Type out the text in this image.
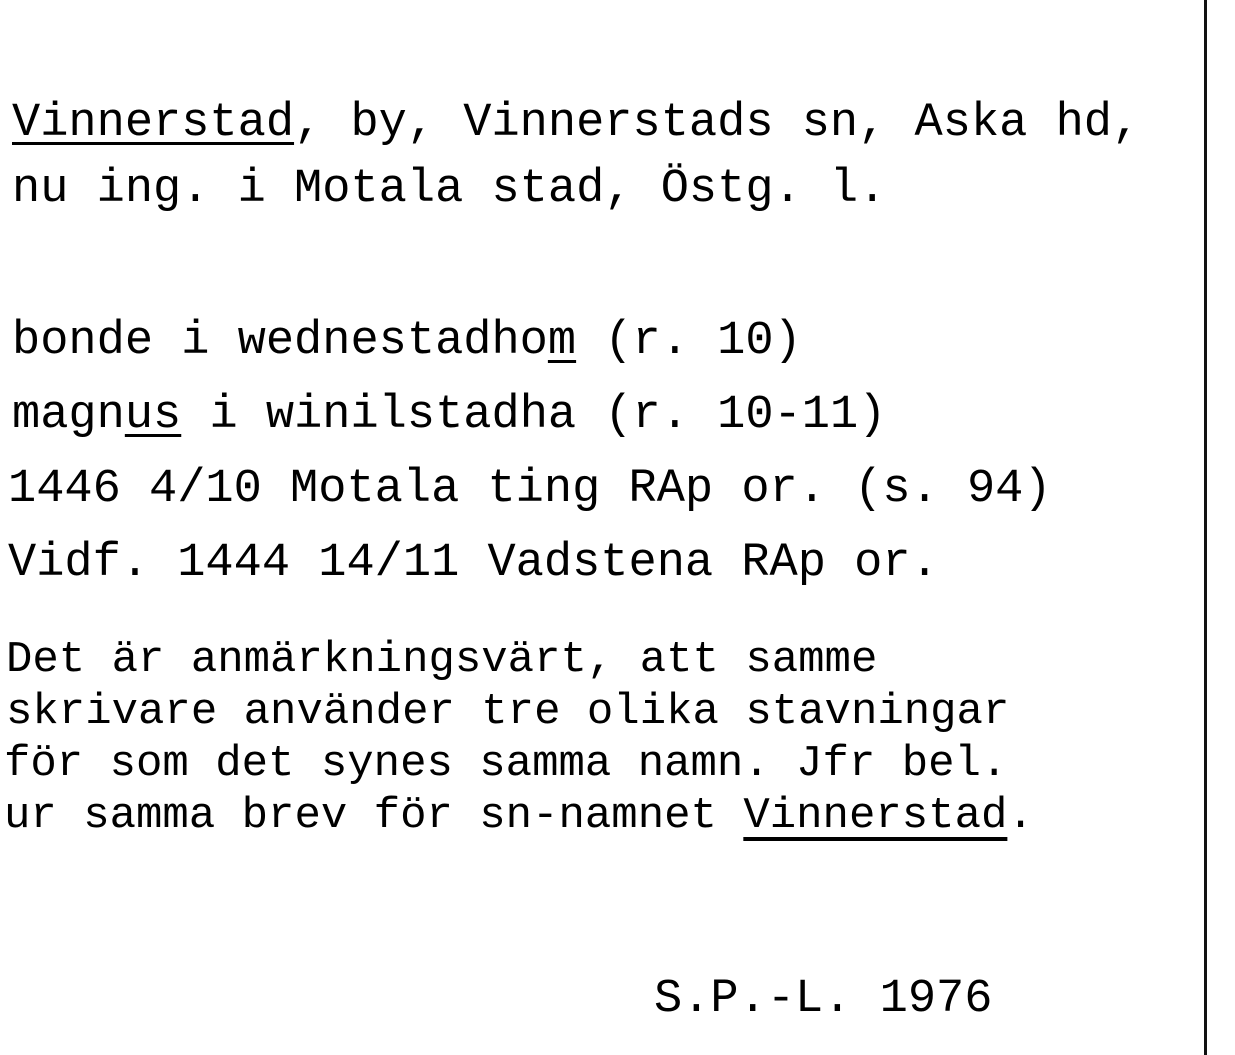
Vinnerstad, by, Vinnerstads sn, Aska hd,
nu ing. i Motala stad, Östg. l.
bonde i wednestadhom (r. 10)
magnus i winilstadha (r. 10-11)
1446 4/10 Motala ting RAp or. (s. 94)
Vidf. 1444 14/11 Vadstena RAp or.
Det är anmärkningsvärt, att samme
skrivare använder tre olika stavningar
för som det synes samma namn. Jfr bel.
ur samma brev för sn-namnet Vinnerstad.
S.P.-L. 1976
